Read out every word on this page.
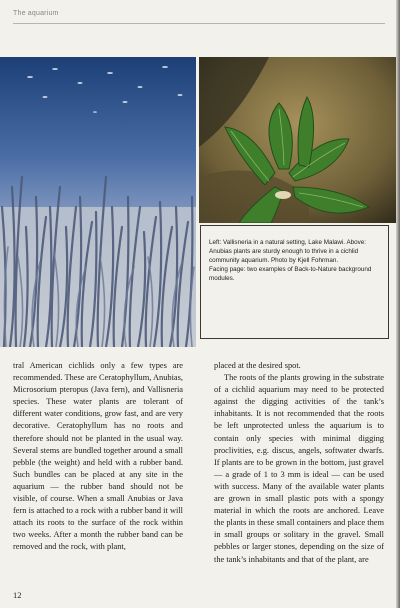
The aquarium

Left: Vallisneria in a natural setting, Lake Malawi. Above: Anubias plants are sturdy enough to thrive in a cichlid community aquarium. Photo by Kjell Fohrman.

Facing page: two examples of Back-to-Nature background modules.

tral American cichlids only a few types are recommended. These are Ceratophyllum, Anubias, Microsorium pteropus (Java fern), and Vallisneria species. These water plants are tolerant of different water conditions, grow fast, and are very decorative. Ceratophyllum has no roots and therefore should not be planted in the usual way. Several stems are bundled together around a small pebble (the weight) and held with a rubber band. Such bundles can be placed at any site in the aquarium — the rubber band should not be visible, of course. When a small Anubias or Java fern is attached to a rock with a rubber band it will attach its roots to the surface of the rock within two weeks. After a month the rubber band can be removed and the rock, with plant,

placed at the desired spot.

The roots of the plants growing in the substrate of a cichlid aquarium may need to be protected against the digging activities of the tank’s inhabitants. It is not recommended that the roots be left unprotected unless the aquarium is to contain only species with minimal digging proclivities, e.g. discus, angels, softwater dwarfs. If plants are to be grown in the bottom, just gravel — a grade of 1 to 3 mm is ideal — can be used with success. Many of the available water plants are grown in small plastic pots with a spongy material in which the roots are anchored. Leave the plants in these small containers and place them in small groups or solitary in the gravel. Small pebbles or larger stones, depending on the size of the tank’s inhabitants and that of the plant, are

12
